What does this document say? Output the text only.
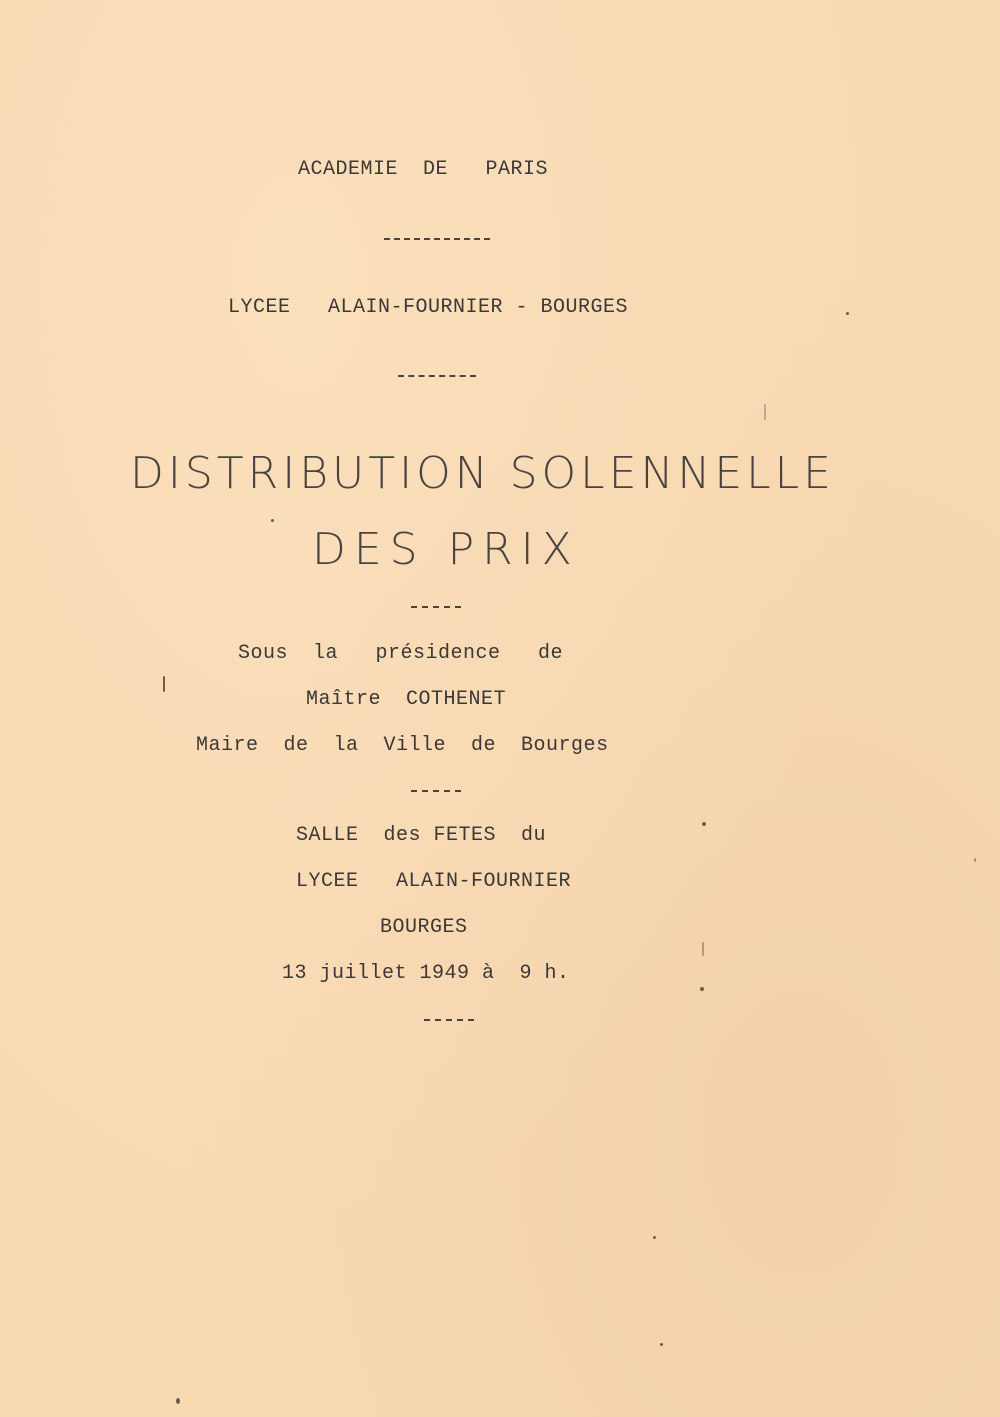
ACADEMIE  DE   PARIS
LYCEE   ALAIN-FOURNIER - BOURGES
DISTRIBUTION SOLENNELLE
DES PRIX
Sous  la   présidence   de
Maître  COTHENET
Maire  de  la  Ville  de  Bourges
SALLE  des FETES  du
LYCEE   ALAIN-FOURNIER
BOURGES
13 juillet 1949 à  9 h.
